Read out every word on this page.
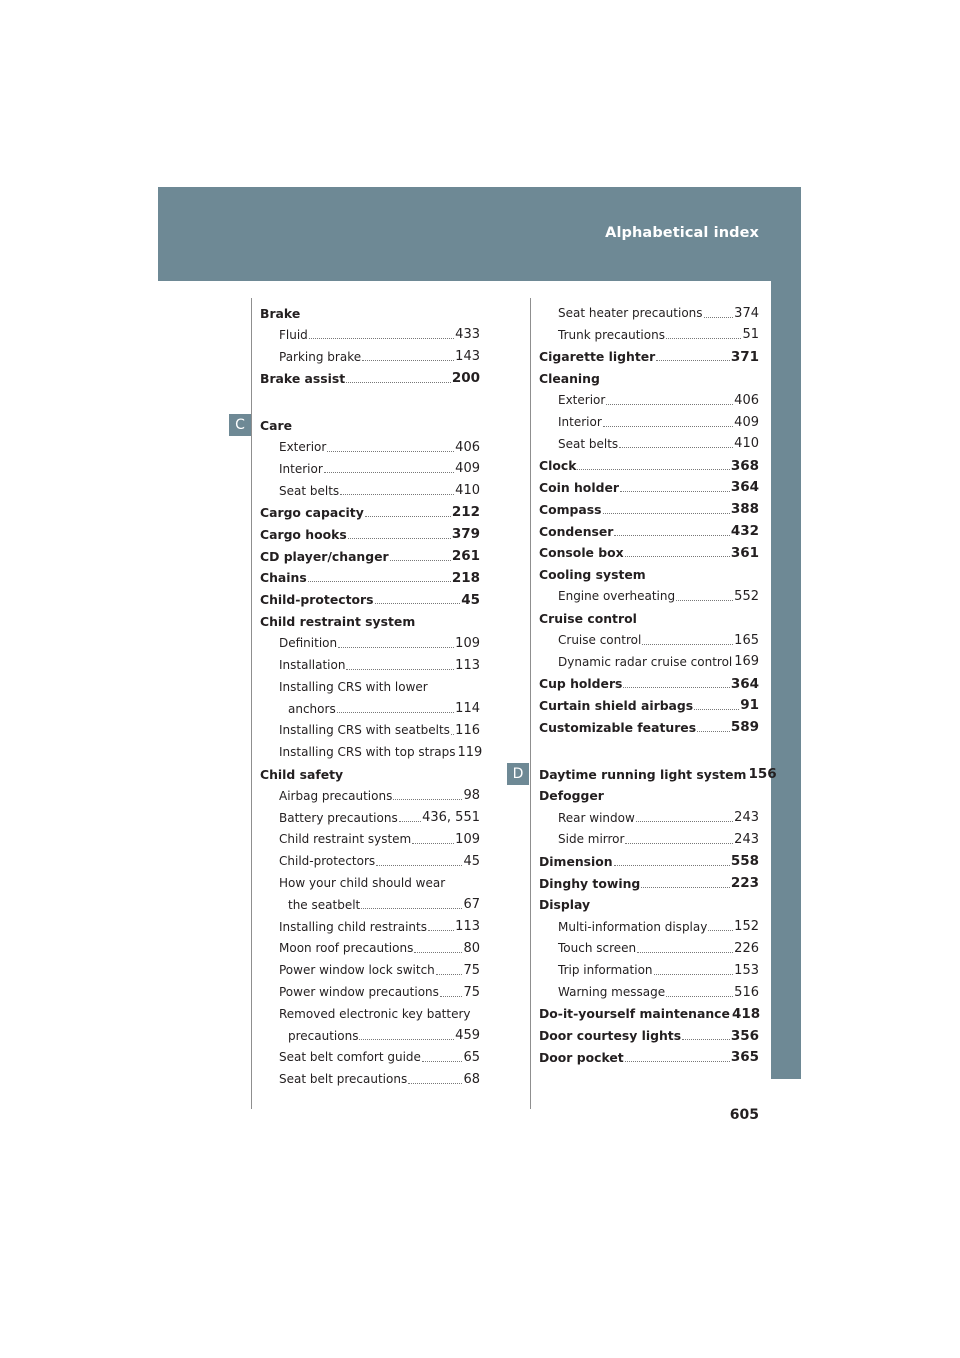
Alphabetical index
C
D
Brake
Fluid	433
Parking brake	143
Brake assist	200
Care
Exterior	406
Interior	409
Seat belts	410
Cargo capacity	212
Cargo hooks	379
CD player/changer	261
Chains	218
Child-protectors	45
Child restraint system
Definition	109
Installation	113
Installing CRS with lower
anchors	114
Installing CRS with seatbelts 116
Installing CRS with top straps 119
Child safety
Airbag precautions	98
Battery precautions 436, 551
Child restraint system	109
Child-protectors	45
How your child should wear
the seatbelt	67
Installing child restraints 113
Moon roof precautions	80
Power window lock switch 75
Power window precautions 75
Removed electronic key battery
precautions	459
Seat belt comfort guide	65
Seat belt precautions	68
Seat heater precautions 374
Trunk precautions	51
Cigarette lighter	371
Cleaning
Exterior	406
Interior	409
Seat belts	410
Clock	368
Coin holder	364
Compass	388
Condenser	432
Console box	361
Cooling system
Engine overheating	552
Cruise control
Cruise control	165
Dynamic radar cruise control 169
Cup holders	364
Curtain shield airbags	91
Customizable features	589
Daytime running light system 156
Defogger
Rear window	243
Side mirror	243
Dimension	558
Dinghy towing	223
Display
Multi-information display 152
Touch screen	226
Trip information	153
Warning message	516
Do-it-yourself maintenance 418
Door courtesy lights	356
Door pocket	365
605
